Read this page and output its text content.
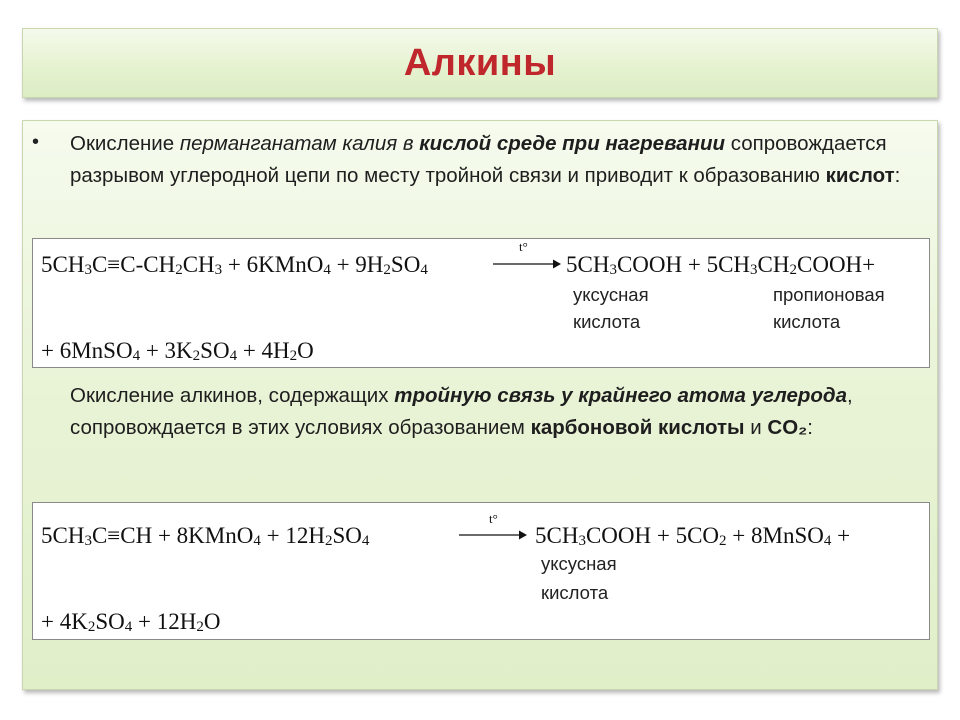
Алкины
• Окисление перманганатам калия в кислой среде при нагревании сопровождается разрывом углеродной цепи по месту тройной связи и приводит к образованию кислот:
$5CH_3C\equiv C-CH_2CH_3$ + 6KMnO$_4$ + $9H_2SO_4$
t°
$5CH_3COOH$ + $5CH_3CH_2COOH+$
уксусная
кислота
пропионовая
кислота
+ 6MnSO$_4$ + $3K_2SO_4 + 4H_2O$
Окисление алкинов, содержащих тройную связь у крайнего атома углерода, сопровождается в этих условиях образованием карбоновой кислоты и CO₂:
$5CH_3C\equiv CH$ + 8KMnO$_4$ + $12H_2SO_4$
t°
$5CH_3COOH + 5CO_2$ + 8MnSO$_4$ +
уксусная
кислота
+ $4K_2SO_4 + 12H_2O$
